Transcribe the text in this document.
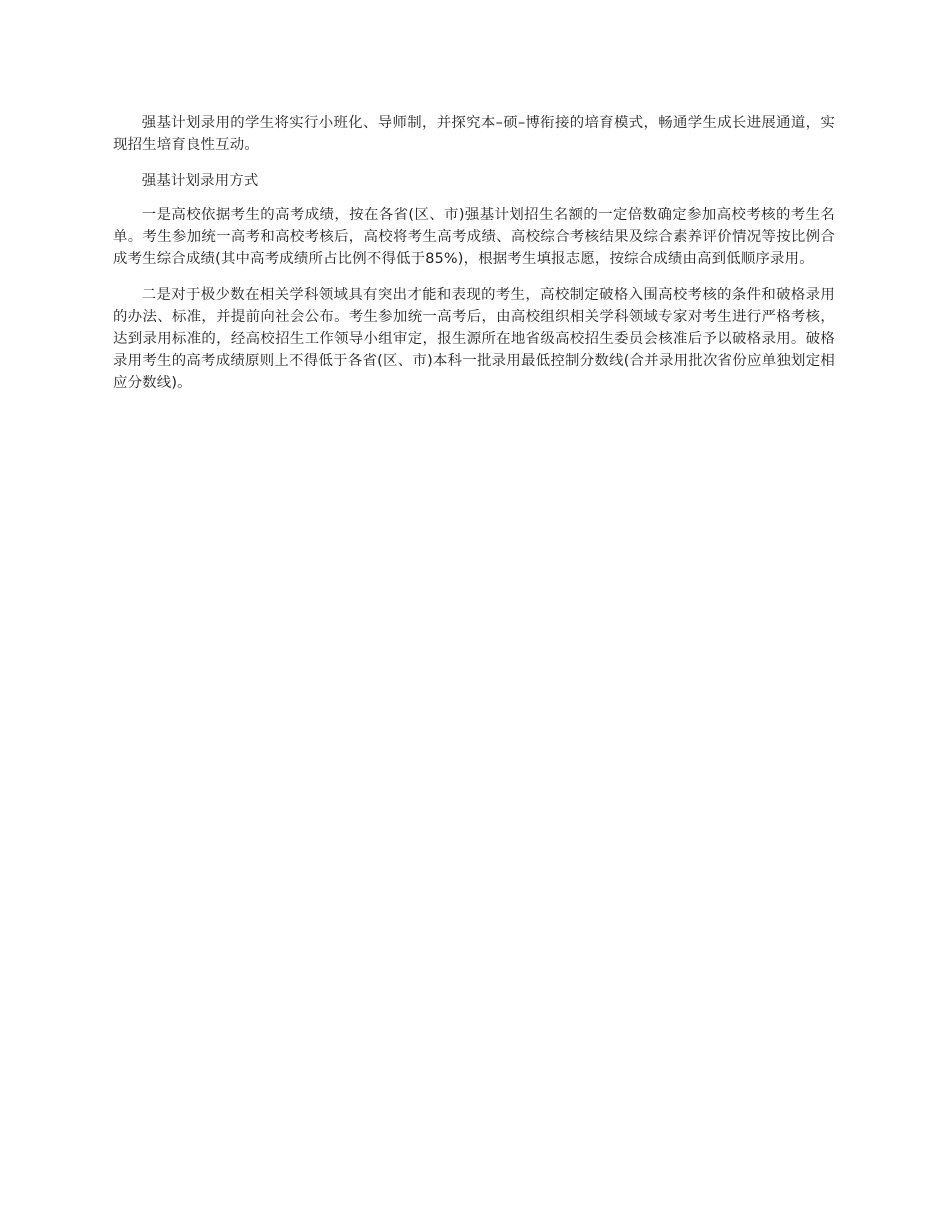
强基计划录用的学生将实行小班化、导师制，并探究本–硕–博衔接的培育模式，畅通学生成长进展通道，实现招生培育良性互动。

强基计划录用方式

一是高校依据考生的高考成绩，按在各省(区、市)强基计划招生名额的一定倍数确定参加高校考核的考生名单。考生参加统一高考和高校考核后，高校将考生高考成绩、高校综合考核结果及综合素养评价情况等按比例合成考生综合成绩(其中高考成绩所占比例不得低于85%)，根据考生填报志愿，按综合成绩由高到低顺序录用。

二是对于极少数在相关学科领域具有突出才能和表现的考生，高校制定破格入围高校考核的条件和破格录用的办法、标准，并提前向社会公布。考生参加统一高考后，由高校组织相关学科领域专家对考生进行严格考核，达到录用标准的，经高校招生工作领导小组审定，报生源所在地省级高校招生委员会核准后予以破格录用。破格录用考生的高考成绩原则上不得低于各省(区、市)本科一批录用最低控制分数线(合并录用批次省份应单独划定相应分数线)。
